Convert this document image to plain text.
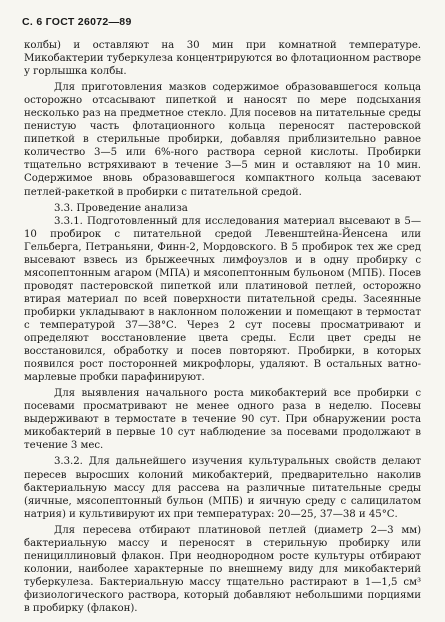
С. 6 ГОСТ 26072—89

колбы) и оставляют на 30 мин при комнатной температуре. Микобактерии туберкулеза концентрируются во флотационном растворе у горлышка колбы.

Для приготовления мазков содержимое образовавшегося кольца осторожно отсасывают пипеткой и наносят по мере подсыхания несколько раз на предметное стекло. Для посевов на питательные среды пенистую часть флотационного кольца переносят пастеровской пипеткой в стерильные пробирки, добавляя приблизительно равное количество 3—5 или 6%-ного раствора серной кислоты. Пробирки тщательно встряхивают в течение 3—5 мин и оставляют на 10 мин. Содержимое вновь образовавшегося компактного кольца засевают петлей-ракеткой в пробирки с питательной средой.

3.3. Проведение анализа

3.3.1. Подготовленный для исследования материал высевают в 5—10 пробирок с питательной средой Левенштейна-Йенсена или Гельберга, Петраньяни, Финн-2, Мордовского. В 5 пробирок тех же сред высевают взвесь из брыжеечных лимфоузлов и в одну пробирку с мясопептонным агаром (МПА) и мясопептонным бульоном (МПБ). Посев проводят пастеровской пипеткой или платиновой петлей, осторожно втирая материал по всей поверхности питательной среды. Засеянные пробирки укладывают в наклонном положении и помещают в термостат с температурой 37—38°С. Через 2 сут посевы просматривают и определяют восстановление цвета среды. Если цвет среды не восстановился, обработку и посев повторяют. Пробирки, в которых появился рост посторонней микрофлоры, удаляют. В остальных ватно-марлевые пробки парафинируют.

Для выявления начального роста микобактерий все пробирки с посевами просматривают не менее одного раза в неделю. Посевы выдерживают в термостате в течение 90 сут. При обнаружении роста микобактерий в первые 10 сут наблюдение за посевами продолжают в течение 3 мес.

3.3.2. Для дальнейшего изучения культуральных свойств делают пересев выросших колоний микобактерий, предварительно наколив бактериальную массу для рассева на различные питательные среды (яичные, мясопептонный бульон (МПБ) и яичную среду с салицилатом натрия) и культивируют их при температурах: 20—25, 37—38 и 45°С.

Для пересева отбирают платиновой петлей (диаметр 2—3 мм) бактериальную массу и переносят в стерильную пробирку или пенициллиновый флакон. При неоднородном росте культуры отбирают колонии, наиболее характерные по внешнему виду для микобактерий туберкулеза. Бактериальную массу тщательно растирают в 1—1,5 см³ физиологического раствора, который добавляют небольшими порциями в пробирку (флакон).
